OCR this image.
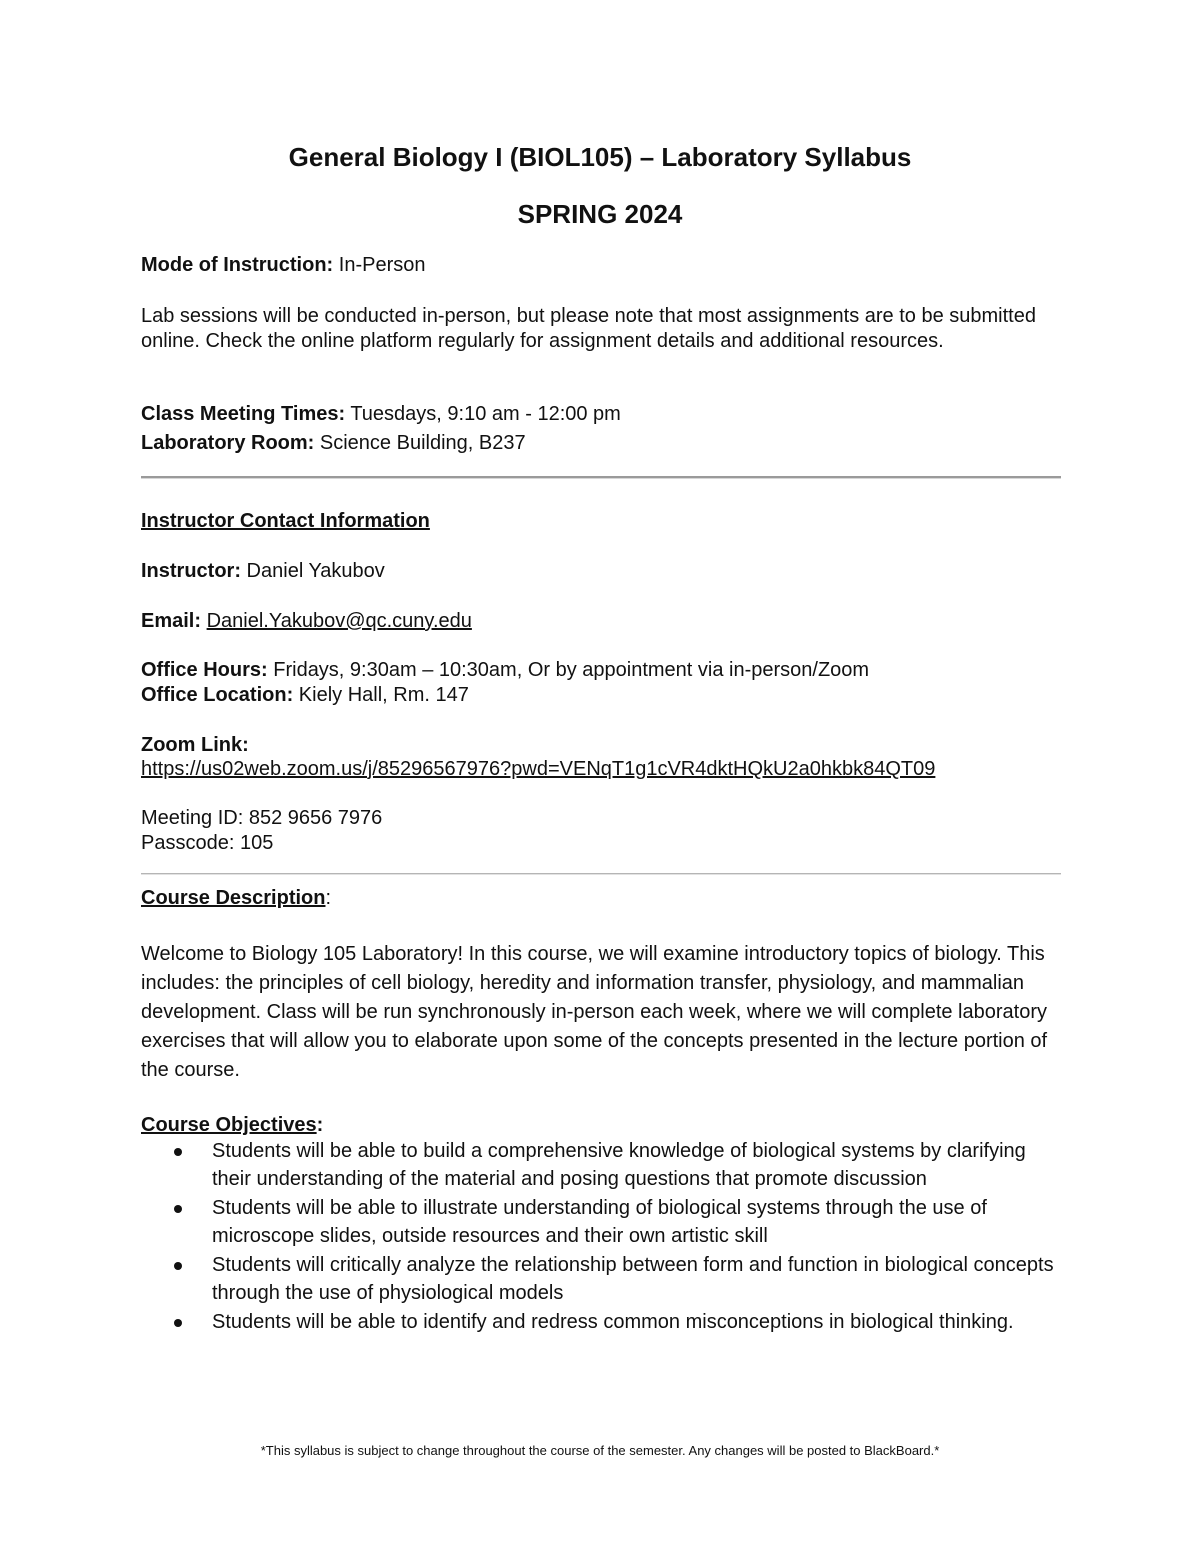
General Biology I (BIOL105) – Laboratory Syllabus
SPRING 2024
Mode of Instruction: In-Person
Lab sessions will be conducted in-person, but please note that most assignments are to be submitted online. Check the online platform regularly for assignment details and additional resources.
Class Meeting Times: Tuesdays, 9:10 am - 12:00 pm
Laboratory Room: Science Building, B237
Instructor Contact Information
Instructor: Daniel Yakubov
Email: Daniel.Yakubov@qc.cuny.edu
Office Hours: Fridays, 9:30am – 10:30am, Or by appointment via in-person/Zoom
Office Location: Kiely Hall, Rm. 147
Zoom Link:
https://us02web.zoom.us/j/85296567976?pwd=VENqT1g1cVR4dktHQkU2a0hkbk84QT09
Meeting ID: 852 9656 7976
Passcode: 105
Course Description:
Welcome to Biology 105 Laboratory! In this course, we will examine introductory topics of biology. This includes: the principles of cell biology, heredity and information transfer, physiology, and mammalian development. Class will be run synchronously in-person each week, where we will complete laboratory exercises that will allow you to elaborate upon some of the concepts presented in the lecture portion of the course.
Course Objectives:
Students will be able to build a comprehensive knowledge of biological systems by clarifying their understanding of the material and posing questions that promote discussion
Students will be able to illustrate understanding of biological systems through the use of microscope slides, outside resources and their own artistic skill
Students will critically analyze the relationship between form and function in biological concepts through the use of physiological models
Students will be able to identify and redress common misconceptions in biological thinking.
*This syllabus is subject to change throughout the course of the semester. Any changes will be posted to BlackBoard.*
